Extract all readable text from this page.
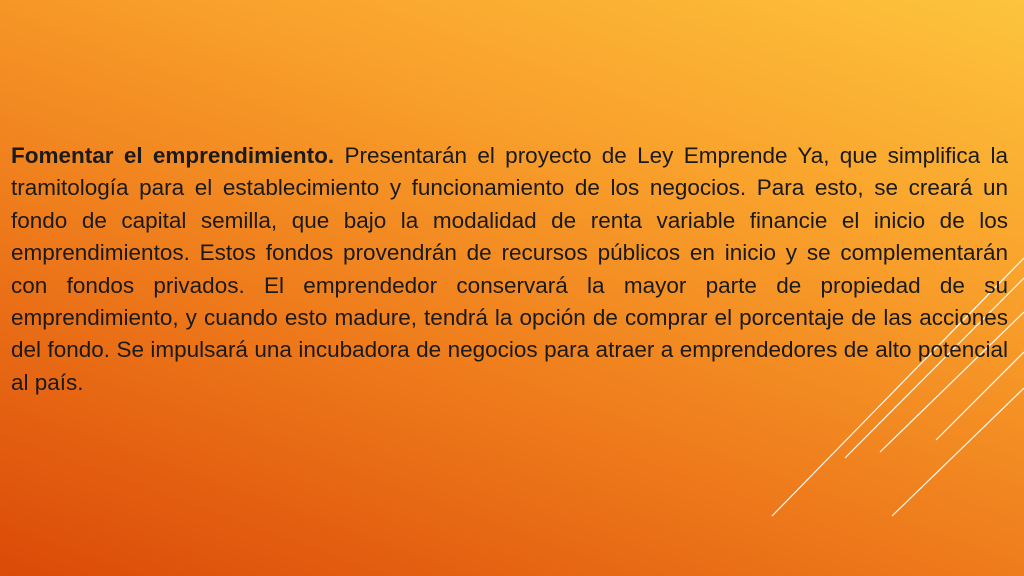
Fomentar el emprendimiento. Presentarán el proyecto de Ley Emprende Ya, que simplifica la tramitología para el establecimiento y funcionamiento de los negocios. Para esto, se creará un fondo de capital semilla, que bajo la modalidad de renta variable financie el inicio de los emprendimientos. Estos fondos provendrán de recursos públicos en inicio y se complementarán con fondos privados. El emprendedor conservará la mayor parte de propiedad de su emprendimiento, y cuando esto madure, tendrá la opción de comprar el porcentaje de las acciones del fondo. Se impulsará una incubadora de negocios para atraer a emprendedores de alto potencial al país.
